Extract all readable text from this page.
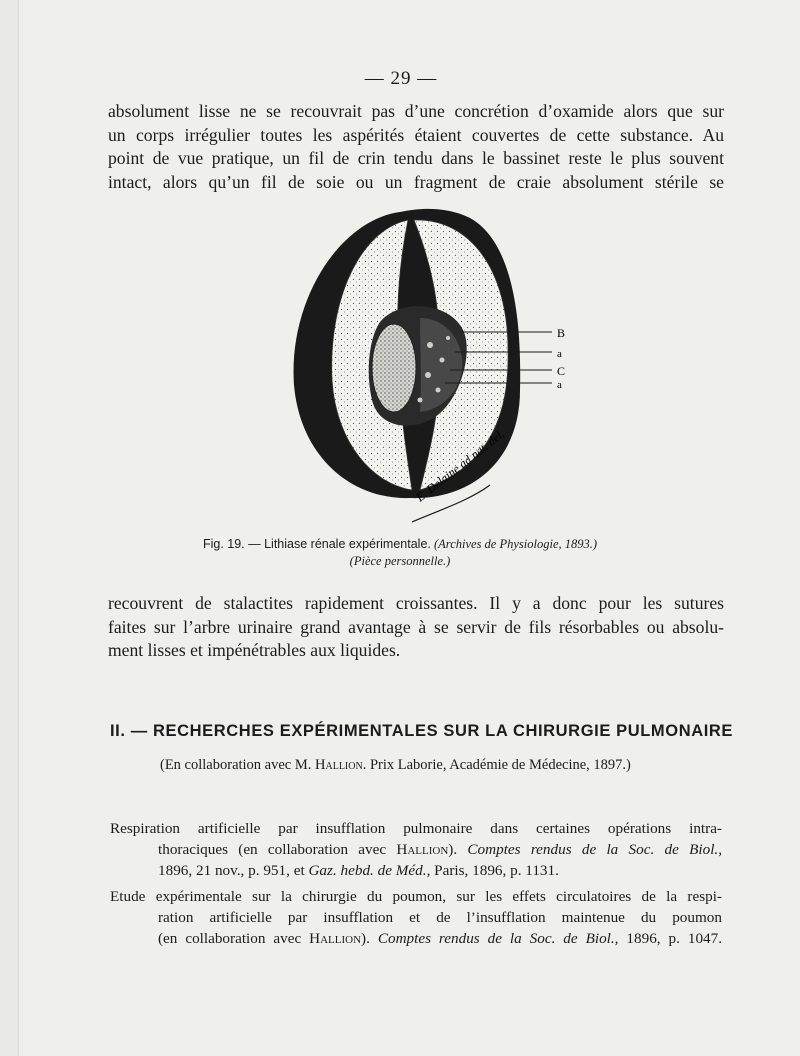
— 29 —
absolument lisse ne se recouvrait pas d’une concrétion d’oxamide alors que sur
un corps irrégulier toutes les aspérités étaient couvertes de cette substance. Au
point de vue pratique, un fil de crin tendu dans le bassinet reste le plus souvent
intact, alors qu’un fil de soie ou un fragment de craie absolument stérile se
B
a
C
a
E. Delaine ad nat. del.
Fig. 19. — Lithiase rénale expérimentale. (Archives de Physiologie, 1893.)
(Pièce personnelle.)
recouvrent de stalactites rapidement croissantes. Il y a donc pour les sutures
faites sur l’arbre urinaire grand avantage à se servir de fils résorbables ou absolu-
ment lisses et impénétrables aux liquides.
II. — RECHERCHES EXPÉRIMENTALES SUR LA CHIRURGIE PULMONAIRE
(En collaboration avec M. Hallion. Prix Laborie, Académie de Médecine, 1897.)
Respiration artificielle par insufflation pulmonaire dans certaines opérations intra-
thoraciques (en collaboration avec Hallion). Comptes rendus de la Soc. de Biol.,
1896, 21 nov., p. 951, et Gaz. hebd. de Méd., Paris, 1896, p. 1131.
Etude expérimentale sur la chirurgie du poumon, sur les effets circulatoires de la respi-
ration artificielle par insufflation et de l’insufflation maintenue du poumon
(en collaboration avec Hallion). Comptes rendus de la Soc. de Biol., 1896, p. 1047.
